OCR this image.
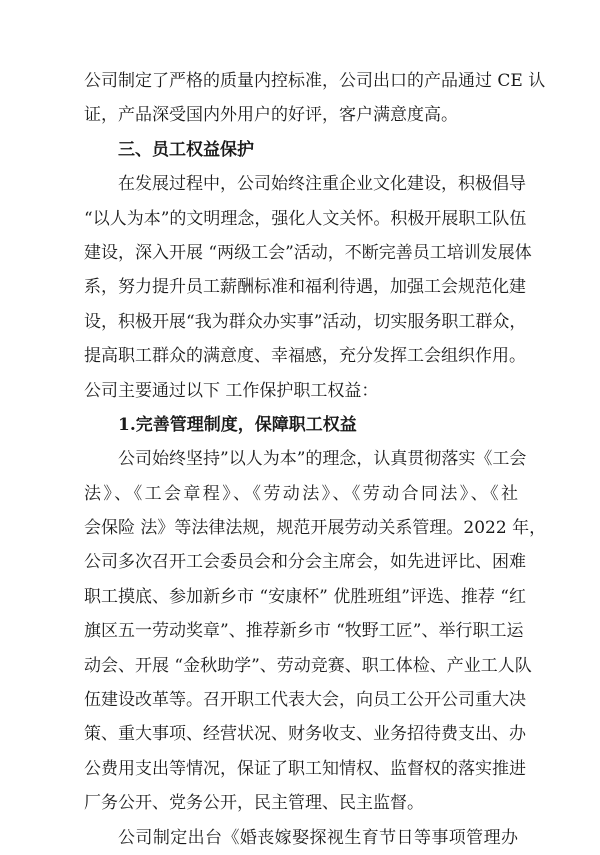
公司制定了严格的质量内控标准，公司出口的产品通过 CE 认
证，产品深受国内外用户的好评，客户满意度高。
三、员工权益保护
在发展过程中，公司始终注重企业文化建设，积极倡导
“以人为本”的文明理念，强化人文关怀。积极开展职工队伍
建设，深入开展 “两级工会”活动，不断完善员工培训发展体
系，努力提升员工薪酬标准和福利待遇，加强工会规范化建
设，积极开展“我为群众办实事”活动，切实服务职工群众，
提高职工群众的满意度、幸福感，充分发挥工会组织作用。
公司主要通过以下 工作保护职工权益：
1.完善管理制度，保障职工权益
公司始终坚持”以人为本”的理念，认真贯彻落实《工会
法》、《工会章程》、《劳动法》、《劳动合同法》、《社
会保险 法》等法律法规，规范开展劳动关系管理。2022 年，
公司多次召开工会委员会和分会主席会，如先进评比、困难
职工摸底、参加新乡市 “安康杯” 优胜班组”评选、推荐 “红
旗区五一劳动奖章”、推荐新乡市 “牧野工匠”、举行职工运
动会、开展 “金秋助学”、劳动竞赛、职工体检、产业工人队
伍建设改革等。召开职工代表大会，向员工公开公司重大决
策、重大事项、经营状况、财务收支、业务招待费支出、办
公费用支出等情况，保证了职工知情权、监督权的落实推进
厂务公开、党务公开，民主管理、民主监督。
公司制定出台《婚丧嫁娶探视生育节日等事项管理办
